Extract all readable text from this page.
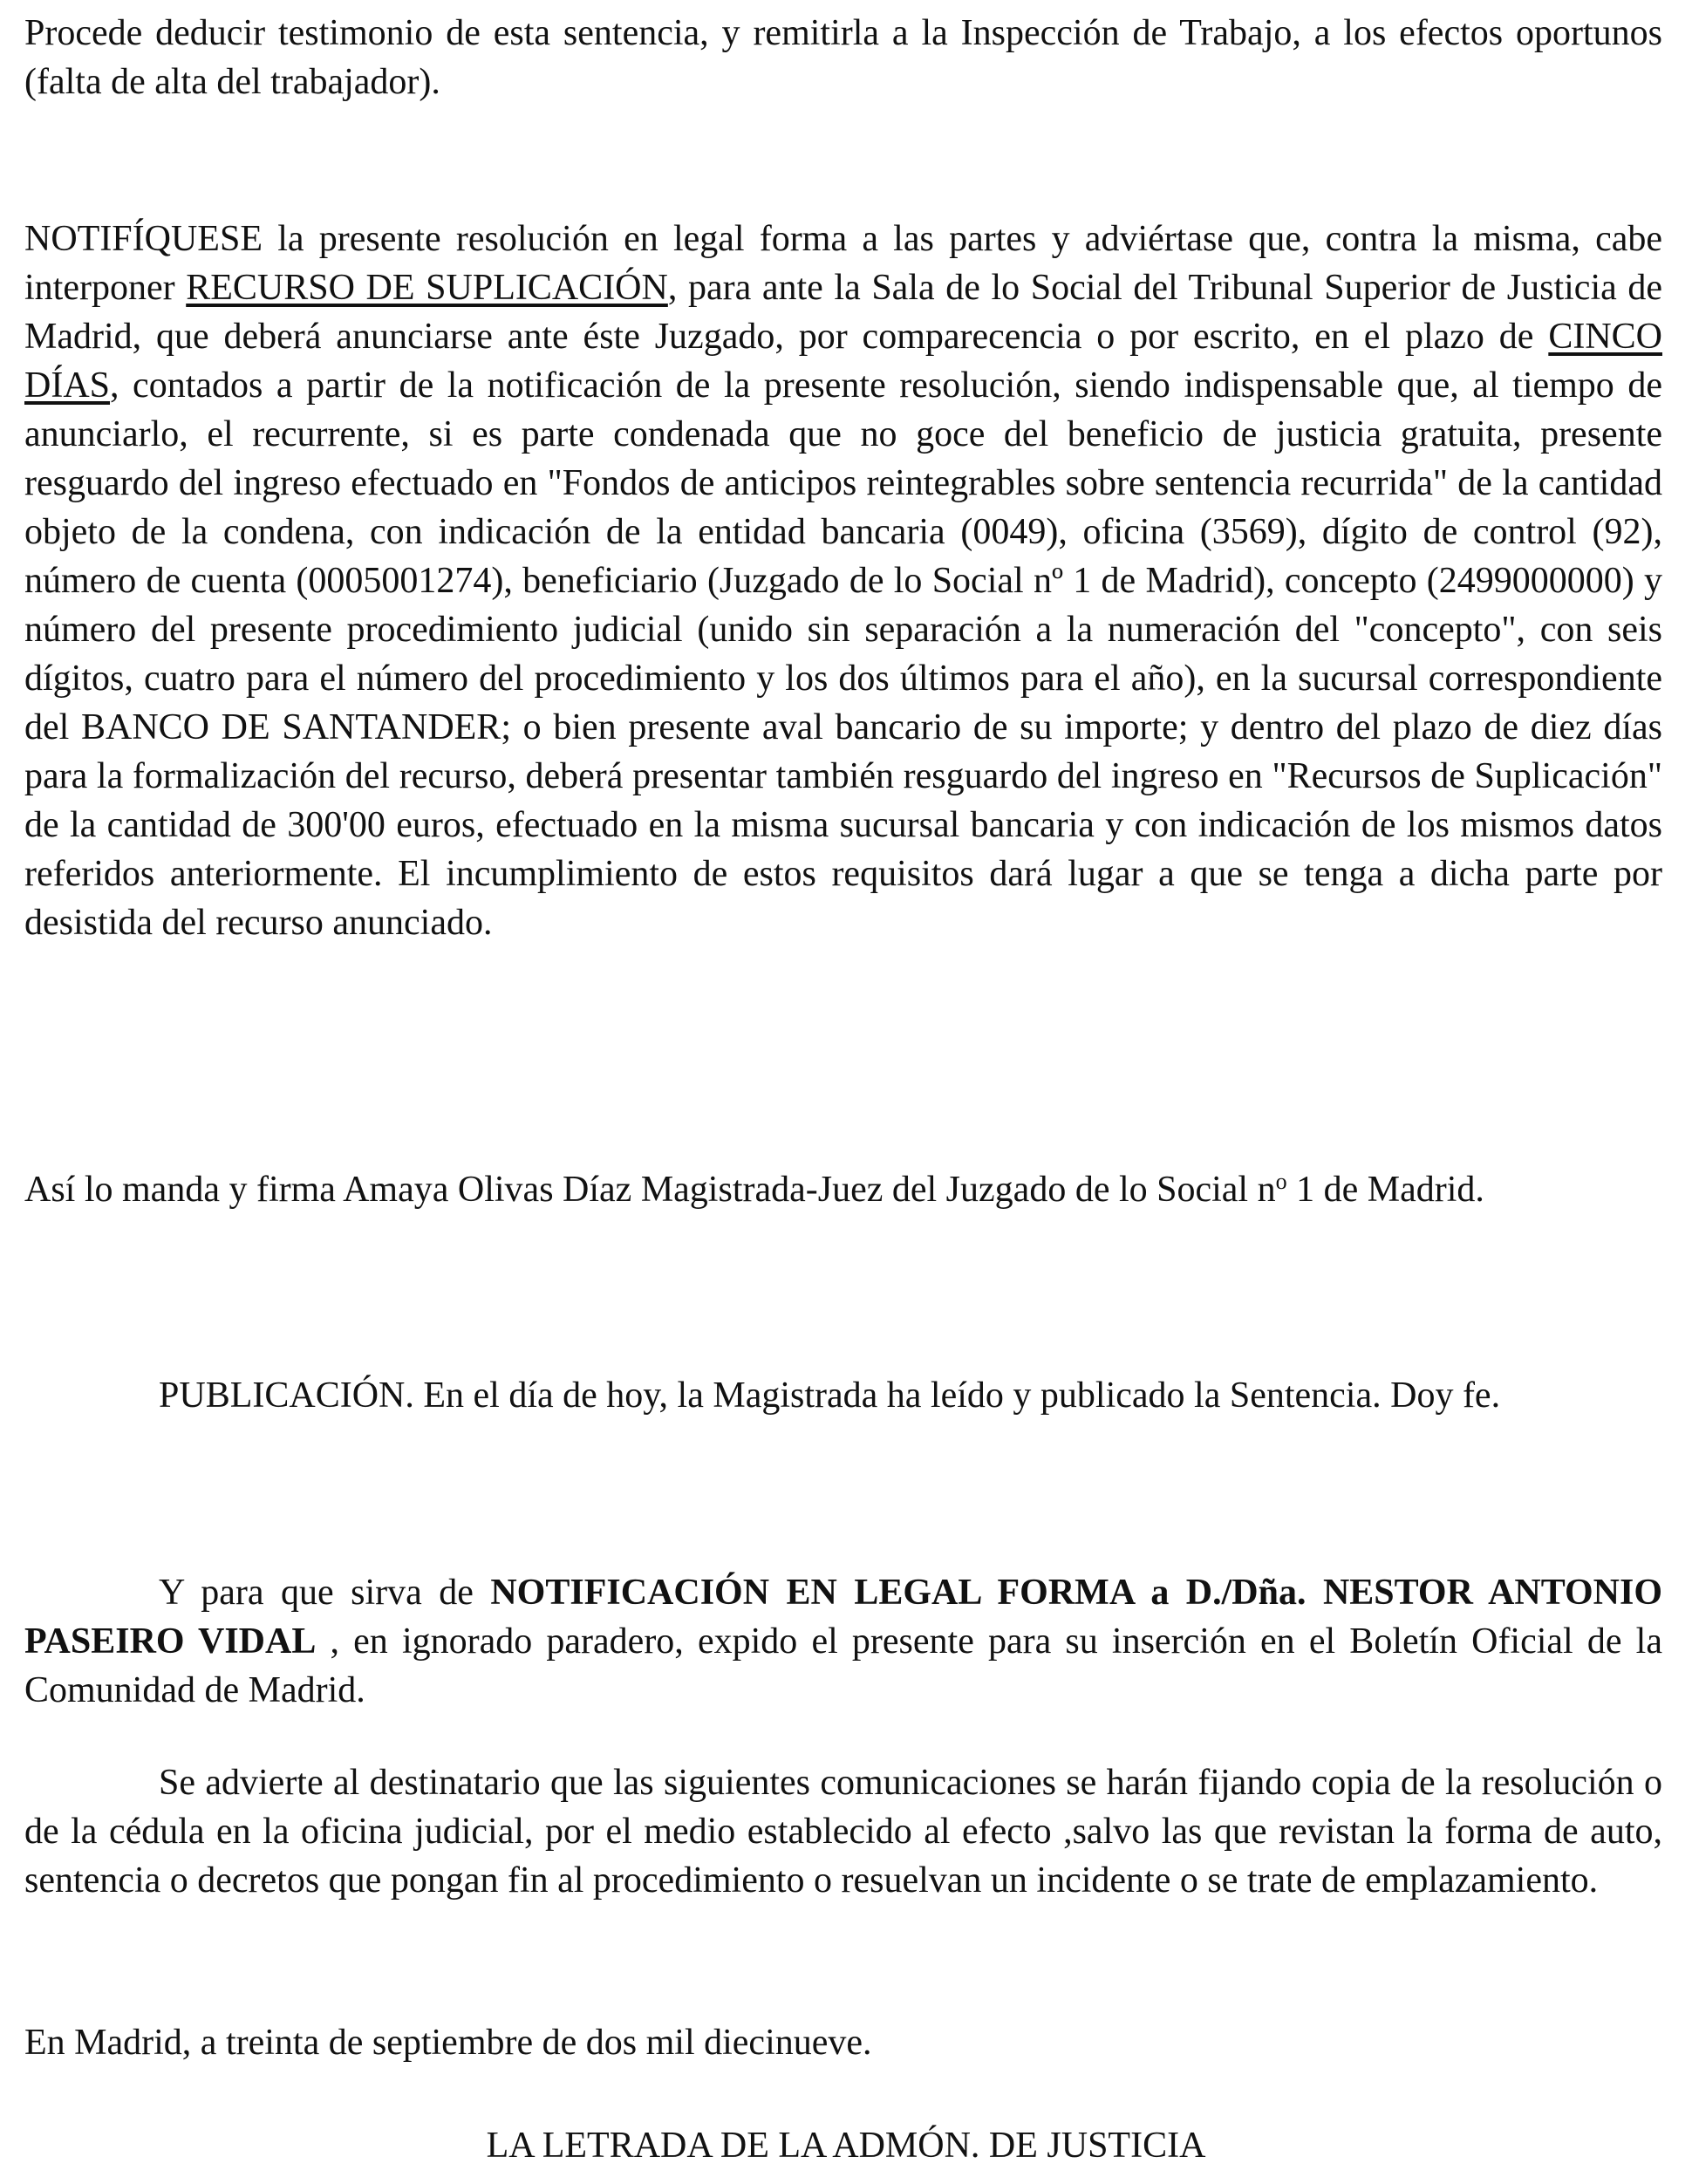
Procede deducir testimonio de esta sentencia, y remitirla a la Inspección de Trabajo, a los efectos oportunos (falta de alta del trabajador).

NOTIFÍQUESE la presente resolución en legal forma a las partes y adviértase que, contra la misma, cabe interponer RECURSO DE SUPLICACIÓN, para ante la Sala de lo Social del Tribunal Superior de Justicia de Madrid, que deberá anunciarse ante éste Juzgado, por comparecencia o por escrito, en el plazo de CINCO DÍAS, contados a partir de la notificación de la presente resolución, siendo indispensable que, al tiempo de anunciarlo, el recurrente, si es parte condenada que no goce del beneficio de justicia gratuita, presente resguardo del ingreso efectuado en "Fondos de anticipos reintegrables sobre sentencia recurrida" de la cantidad objeto de la condena, con indicación de la entidad bancaria (0049), oficina (3569), dígito de control (92), número de cuenta (0005001274), beneficiario (Juzgado de lo Social nº 1 de Madrid), concepto (2499000000) y número del presente procedimiento judicial (unido sin separación a la numeración del "concepto", con seis dígitos, cuatro para el número del procedimiento y los dos últimos para el año), en la sucursal correspondiente del BANCO DE SANTANDER; o bien presente aval bancario de su importe; y dentro del plazo de diez días para la formalización del recurso, deberá presentar también resguardo del ingreso en "Recursos de Suplicación" de la cantidad de 300'00 euros, efectuado en la misma sucursal bancaria y con indicación de los mismos datos referidos anteriormente. El incumplimiento de estos requisitos dará lugar a que se tenga a dicha parte por desistida del recurso anunciado.

Así lo manda y firma Amaya Olivas Díaz Magistrada-Juez del Juzgado de lo Social $n^o$ 1 de Madrid.

PUBLICACIÓN. En el día de hoy, la Magistrada ha leído y publicado la Sentencia. Doy fe.

Y para que sirva de NOTIFICACIÓN EN LEGAL FORMA a D./Dña. NESTOR ANTONIO PASEIRO VIDAL , en ignorado paradero, expido el presente para su inserción en el Boletín Oficial de la Comunidad de Madrid.

Se advierte al destinatario que las siguientes comunicaciones se harán fijando copia de la resolución o de la cédula en la oficina judicial, por el medio establecido al efecto ,salvo las que revistan la forma de auto, sentencia o decretos que pongan fin al procedimiento o resuelvan un incidente o se trate de emplazamiento.

En Madrid, a treinta de septiembre de dos mil diecinueve.

LA LETRADA DE LA ADMÓN. DE JUSTICIA
